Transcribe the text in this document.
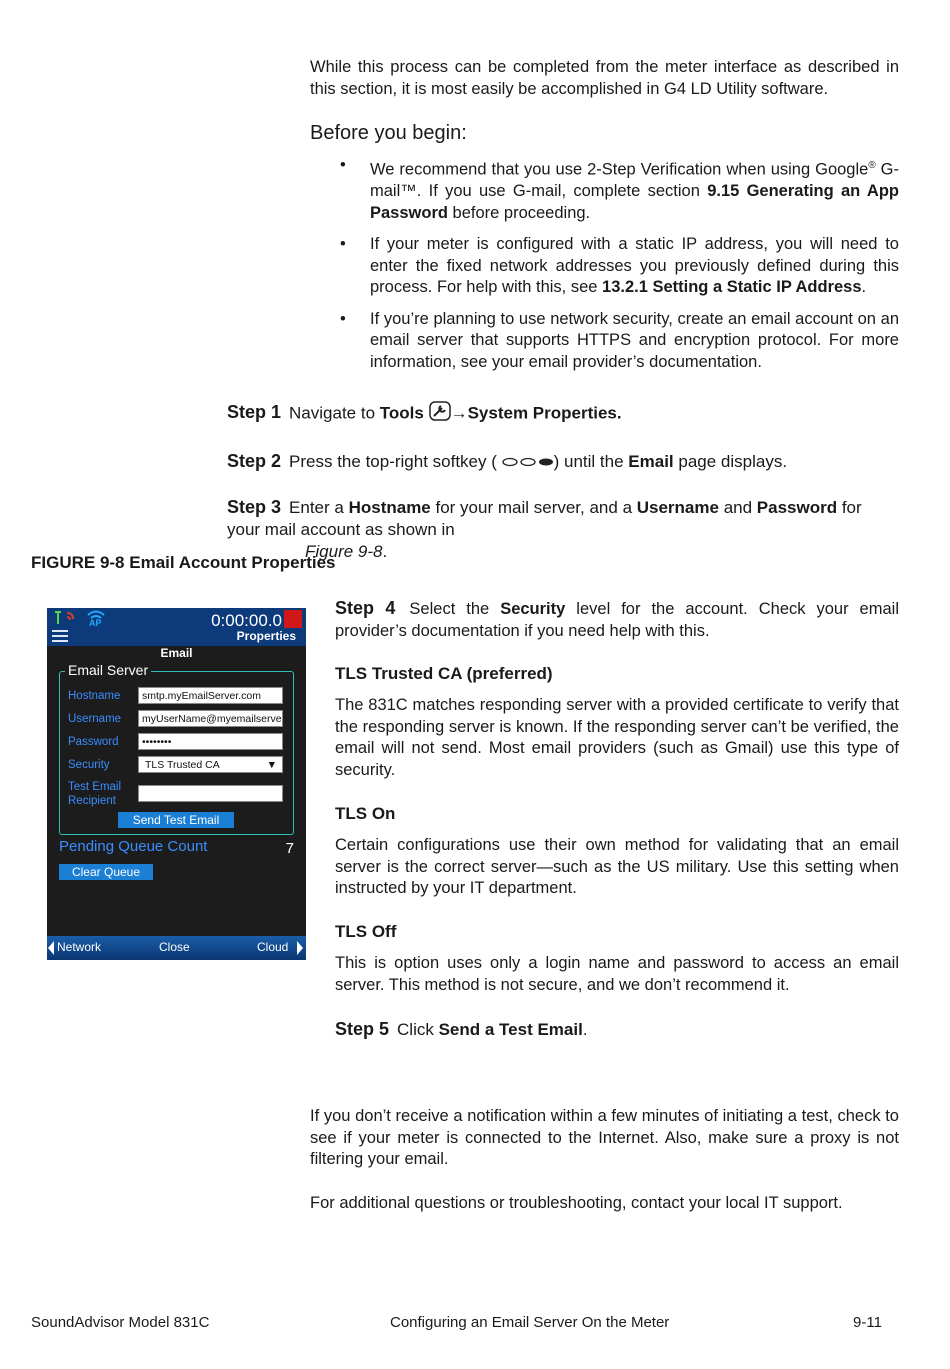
While this process can be completed from the meter interface as described in this section, it is most easily be accomplished in G4 LD Utility software.
Before you begin:
• We recommend that you use 2-Step Verification when using Google® G-mail™. If you use G-mail, complete section 9.15 Generating an App Password before proceeding.
• If your meter is configured with a static IP address, you will need to enter the fixed network addresses you previously defined during this process. For help with this, see 13.2.1 Setting a Static IP Address.
• If you’re planning to use network security, create an email account on an email server that supports HTTPS and encryption protocol. For more information, see your email provider’s documentation.
Step 1 Navigate to Tools →System Properties.
Step 2 Press the top-right softkey (	) until the Email page displays.
Step 3 Enter a Hostname for your mail server, and a Username and Password for your mail account as shown in
Figure 9-8.
FIGURE 9-8 Email Account Properties
AP	0:00:00.0
Properties
Email
Email Server
Hostname	smtp.myEmailServer.com
Username	myUserName@myemailserve
Password	••••••••
Security	TLS Trusted CA	▼
Test Email
Recipient
Send Test Email
Pending Queue Count	7
Clear Queue
Network	Close	Cloud
Step 4 Select the Security level for the account. Check your email provider’s documentation if you need help with this.
TLS Trusted CA (preferred)
The 831C matches responding server with a provided certificate to verify that the responding server is known. If the responding server can’t be verified, the email will not send. Most email providers (such as Gmail) use this type of security.
TLS On
Certain configurations use their own method for validating that an email server is the correct server—such as the US military. Use this setting when instructed by your IT department.
TLS Off
This is option uses only a login name and password to access an email server. This method is not secure, and we don’t recommend it.
Step 5 Click Send a Test Email.
If you don’t receive a notification within a few minutes of initiating a test, check to see if your meter is connected to the Internet. Also, make sure a proxy is not filtering your email.
For additional questions or troubleshooting, contact your local IT support.
SoundAdvisor Model 831C	Configuring an Email Server On the Meter	9-11
